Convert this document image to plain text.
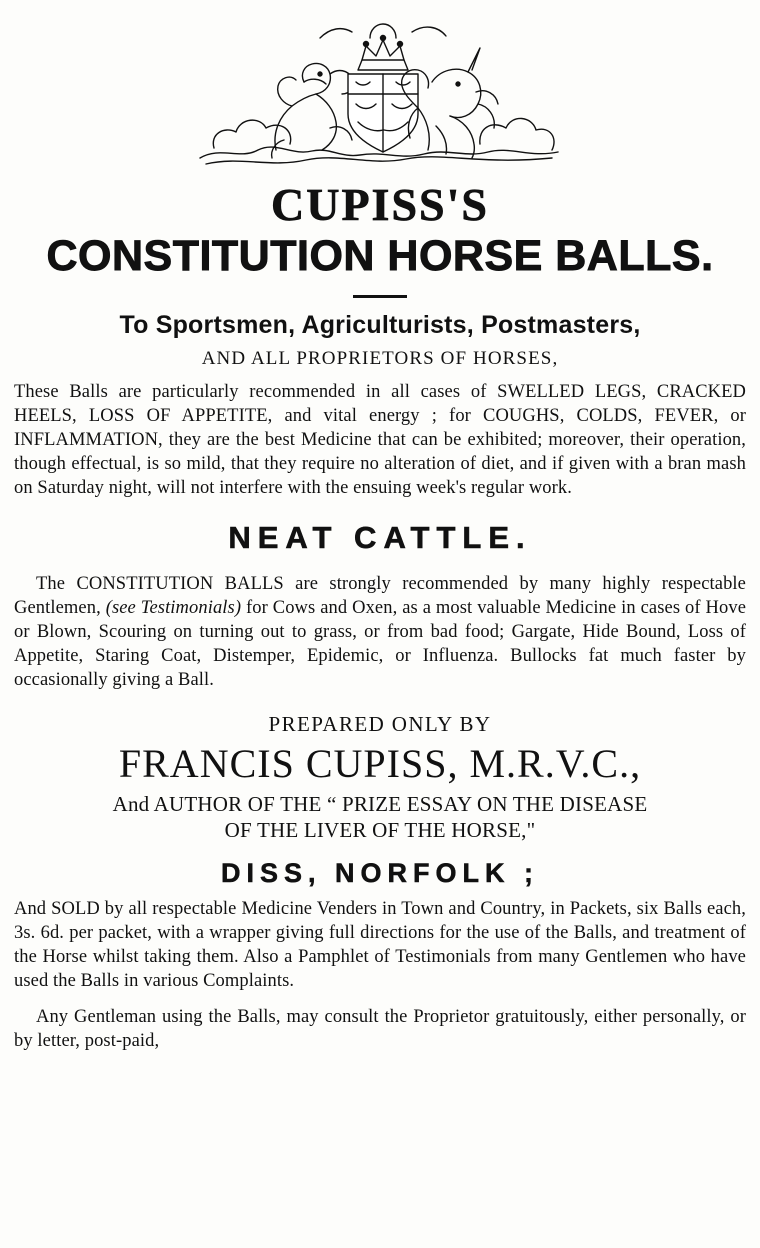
CUPISS'S
CONSTITUTION HORSE BALLS.
To Sportsmen, Agriculturists, Postmasters,
AND ALL PROPRIETORS OF HORSES,

These Balls are particularly recommended in all cases of SWELLED LEGS, CRACKED HEELS, LOSS OF APPETITE, and vital energy ; for COUGHS, COLDS, FEVER, or INFLAMMATION, they are the best Medicine that can be exhibited; moreover, their operation, though effectual, is so mild, that they require no alteration of diet, and if given with a bran mash on Saturday night, will not interfere with the ensuing week's regular work.

NEAT CATTLE.

The CONSTITUTION BALLS are strongly recommended by many highly respectable Gentlemen, (see Testimonials) for Cows and Oxen, as a most valuable Medicine in cases of Hove or Blown, Scouring on turning out to grass, or from bad food; Gargate, Hide Bound, Loss of Appetite, Staring Coat, Distemper, Epidemic, or Influenza. Bullocks fat much faster by occasionally giving a Ball.

PREPARED ONLY BY
FRANCIS CUPISS, M.R.V.C.,
And AUTHOR OF THE “ PRIZE ESSAY ON THE DISEASE
OF THE LIVER OF THE HORSE,"
DISS, NORFOLK ;

And SOLD by all respectable Medicine Venders in Town and Country, in Packets, six Balls each, 3s. 6d. per packet, with a wrapper giving full directions for the use of the Balls, and treatment of the Horse whilst taking them. Also a Pamphlet of Testimonials from many Gentlemen who have used the Balls in various Complaints.

Any Gentleman using the Balls, may consult the Proprietor gratuitously, either personally, or by letter, post-paid,
